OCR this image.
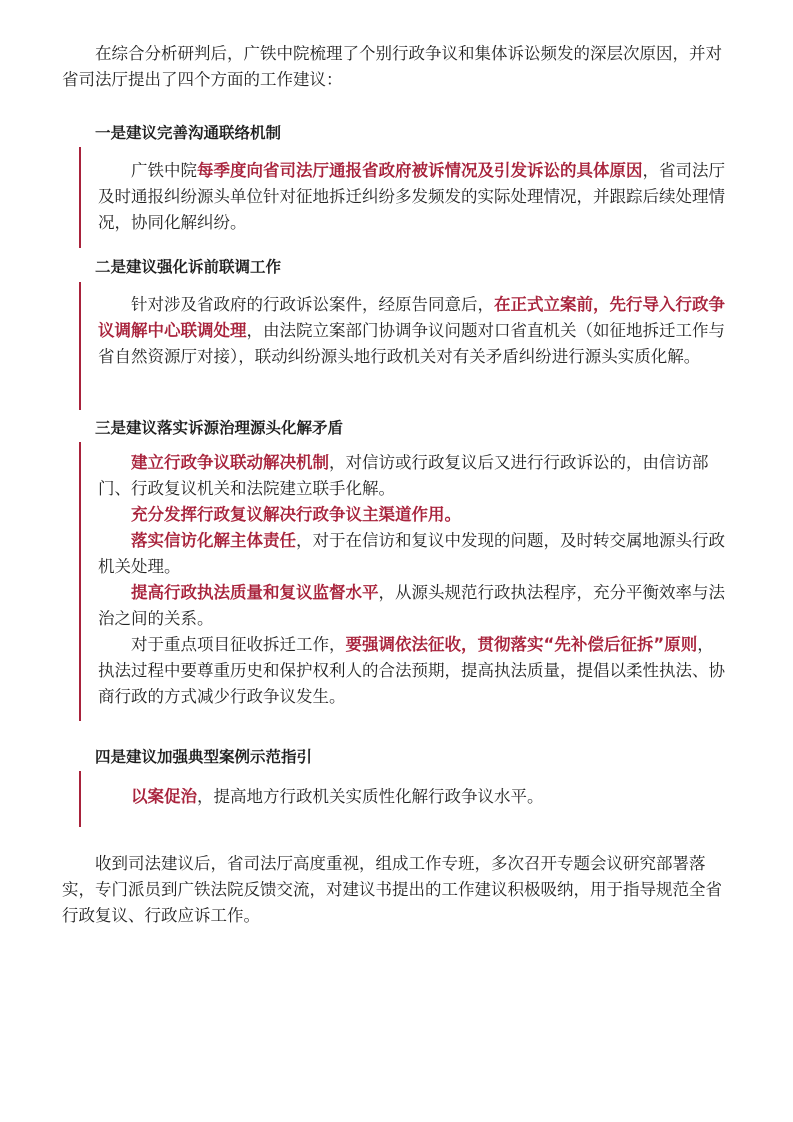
在综合分析研判后，广铁中院梳理了个别行政争议和集体诉讼频发的深层次原因，并对省司法厅提出了四个方面的工作建议：

一是建议完善沟通联络机制

广铁中院每季度向省司法厅通报省政府被诉情况及引发诉讼的具体原因，省司法厅及时通报纠纷源头单位针对征地拆迁纠纷多发频发的实际处理情况，并跟踪后续处理情况，协同化解纠纷。

二是建议强化诉前联调工作

针对涉及省政府的行政诉讼案件，经原告同意后，在正式立案前，先行导入行政争议调解中心联调处理，由法院立案部门协调争议问题对口省直机关（如征地拆迁工作与省自然资源厅对接），联动纠纷源头地行政机关对有关矛盾纠纷进行源头实质化解。

三是建议落实诉源治理源头化解矛盾

建立行政争议联动解决机制，对信访或行政复议后又进行行政诉讼的，由信访部门、行政复议机关和法院建立联手化解。

充分发挥行政复议解决行政争议主渠道作用。

落实信访化解主体责任，对于在信访和复议中发现的问题，及时转交属地源头行政机关处理。

提高行政执法质量和复议监督水平，从源头规范行政执法程序，充分平衡效率与法治之间的关系。

对于重点项目征收拆迁工作，要强调依法征收，贯彻落实“先补偿后征拆”原则，执法过程中要尊重历史和保护权利人的合法预期，提高执法质量，提倡以柔性执法、协商行政的方式减少行政争议发生。

四是建议加强典型案例示范指引

以案促治，提高地方行政机关实质性化解行政争议水平。

收到司法建议后，省司法厅高度重视，组成工作专班，多次召开专题会议研究部署落实，专门派员到广铁法院反馈交流，对建议书提出的工作建议积极吸纳，用于指导规范全省行政复议、行政应诉工作。
